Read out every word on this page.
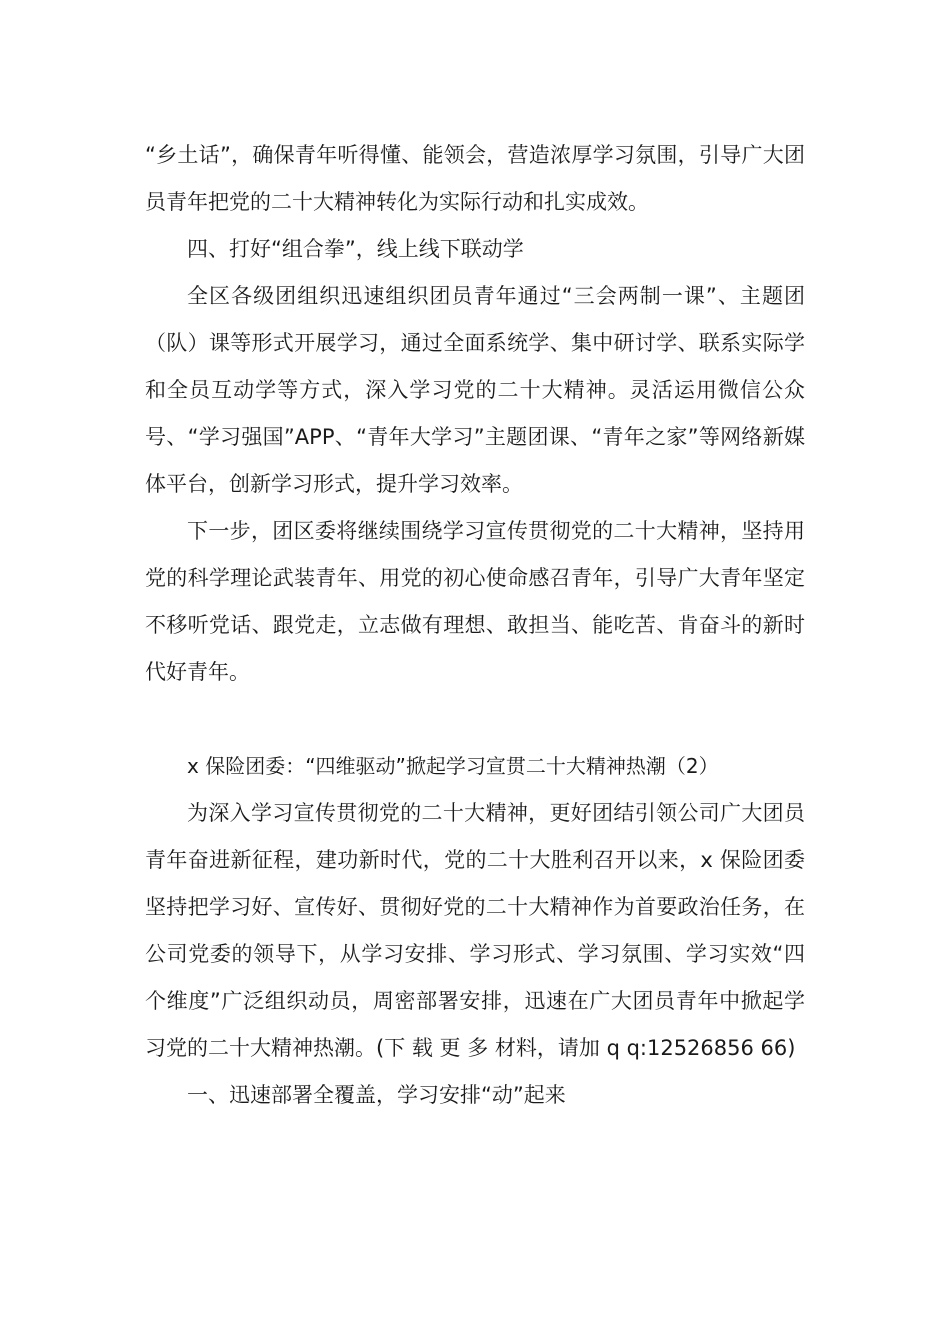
“乡土话”，确保青年听得懂、能领会，营造浓厚学习氛围，引导广大团员青年把党的二十大精神转化为实际行动和扎实成效。

四、打好“组合拳”，线上线下联动学

全区各级团组织迅速组织团员青年通过“三会两制一课”、主题团（队）课等形式开展学习，通过全面系统学、集中研讨学、联系实际学和全员互动学等方式，深入学习党的二十大精神。灵活运用微信公众号、“学习强国”APP、“青年大学习”主题团课、“青年之家”等网络新媒体平台，创新学习形式，提升学习效率。

下一步，团区委将继续围绕学习宣传贯彻党的二十大精神，坚持用党的科学理论武装青年、用党的初心使命感召青年，引导广大青年坚定不移听党话、跟党走，立志做有理想、敢担当、能吃苦、肯奋斗的新时代好青年。

x 保险团委：“四维驱动”掀起学习宣贯二十大精神热潮（2）

为深入学习宣传贯彻党的二十大精神，更好团结引领公司广大团员青年奋进新征程，建功新时代，党的二十大胜利召开以来，x 保险团委坚持把学习好、宣传好、贯彻好党的二十大精神作为首要政治任务，在公司党委的领导下，从学习安排、学习形式、学习氛围、学习实效“四个维度”广泛组织动员，周密部署安排，迅速在广大团员青年中掀起学习党的二十大精神热潮。(下 载 更 多 材料，请加 q q:12526856 66)

一、迅速部署全覆盖，学习安排“动”起来
